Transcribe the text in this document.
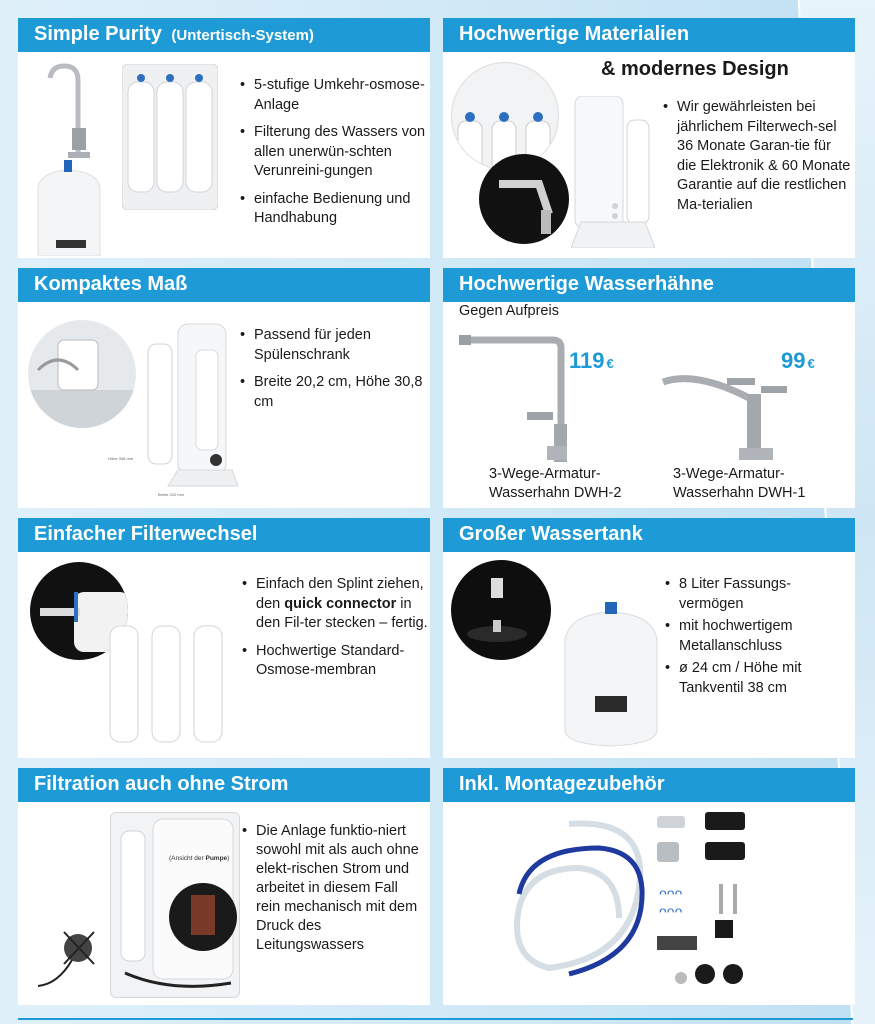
Simple Purity (Untertisch-System)
• 5-stufige Umkehr-osmose-Anlage
• Filterung des Wassers von allen unerwün-schten Verunreini-gungen
• einfache Bedienung und Handhabung
Hochwertige Materialien
& modernes Design
• Wir gewährleisten bei jährlichem Filterwech-sel 36 Monate Garan-tie für die Elektronik & 60 Monate Garantie auf die restlichen Ma-terialien
Kompaktes Maß
Höhe 308 mm
Breite 202 mm
• Passend für jeden Spülenschrank
• Breite 20,2 cm, Höhe 30,8 cm
Hochwertige Wasserhähne
Gegen Aufpreis
119 €	99 €
3-Wege-Armatur-Wasserhahn DWH-2
3-Wege-Armatur-Wasserhahn DWH-1
Einfacher Filterwechsel
• Einfach den Splint ziehen, den quick connector in den Fil-ter stecken – fertig.
• Hochwertige Standard-Osmose-membran
Großer Wassertank
• 8 Liter Fassungs-vermögen
• mit hochwertigem Metallanschluss
• ø 24 cm / Höhe mit Tankventil 38 cm
Filtration auch ohne Strom
(Ansicht der Pumpe)
• Die Anlage funktio-niert sowohl mit als auch ohne elekt-rischen Strom und arbeitet in diesem Fall rein mechanisch mit dem Druck des Leitungswassers
Inkl. Montagezubehör
ᴖᴖᴖ
ᴖᴖᴖ
